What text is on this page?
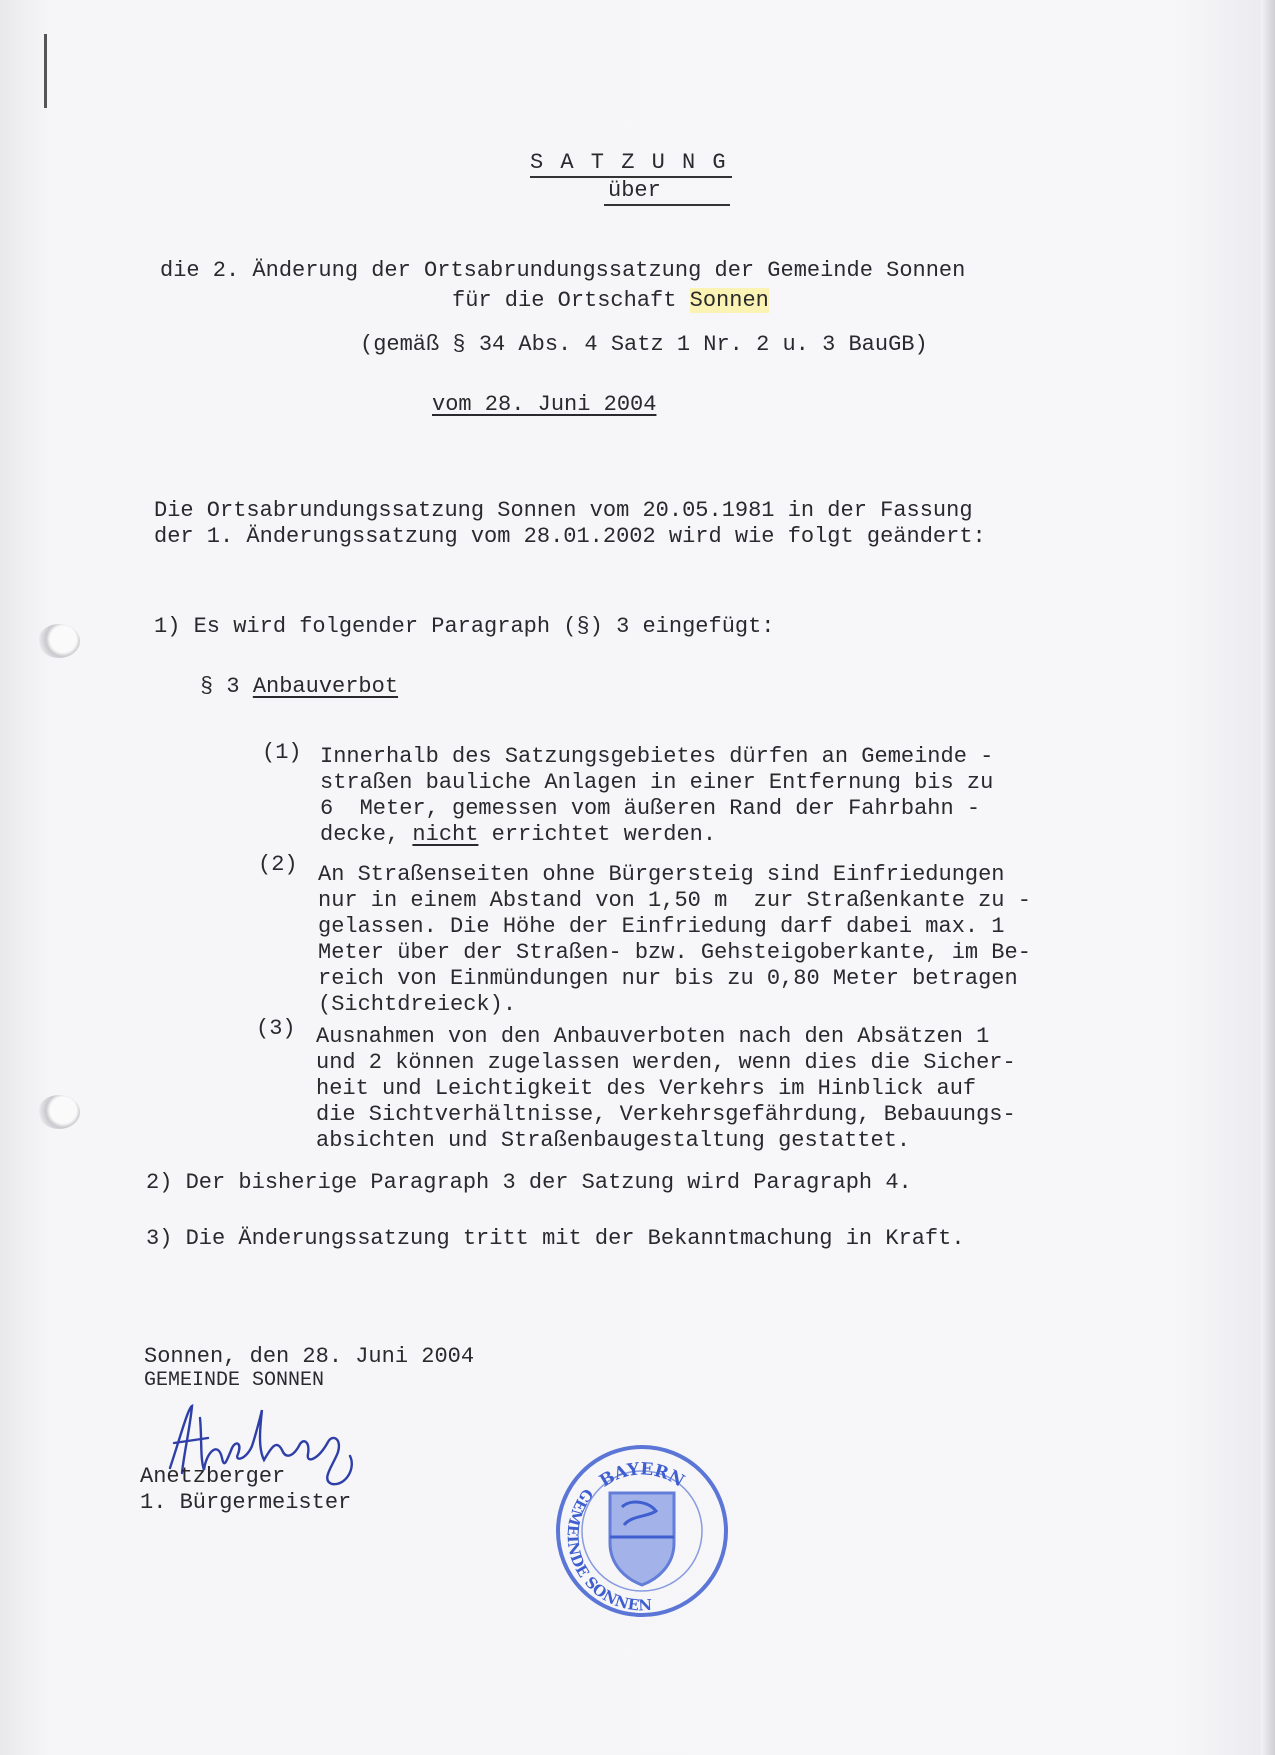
S A T Z U N G
über
die 2. Änderung der Ortsabrundungssatzung der Gemeinde Sonnen
für die Ortschaft Sonnen
(gemäß § 34 Abs. 4 Satz 1 Nr. 2 u. 3 BauGB)
vom 28. Juni 2004
Die Ortsabrundungssatzung Sonnen vom 20.05.1981 in der Fassung
der 1. Änderungssatzung vom 28.01.2002 wird wie folgt geändert:
1) Es wird folgender Paragraph (§) 3 eingefügt:
§ 3 Anbauverbot
(1) Innerhalb des Satzungsgebietes dürfen an Gemeinde -
straßen bauliche Anlagen in einer Entfernung bis zu
6  Meter, gemessen vom äußeren Rand der Fahrbahn -
decke, nicht errichtet werden.
(2) An Straßenseiten ohne Bürgersteig sind Einfriedungen
nur in einem Abstand von 1,50 m  zur Straßenkante zu -
gelassen. Die Höhe der Einfriedung darf dabei max. 1
Meter über der Straßen- bzw. Gehsteigoberkante, im Be-
reich von Einmündungen nur bis zu 0,80 Meter betragen
(Sichtdreieck).
(3) Ausnahmen von den Anbauverboten nach den Absätzen 1
und 2 können zugelassen werden, wenn dies die Sicher-
heit und Leichtigkeit des Verkehrs im Hinblick auf
die Sichtverhältnisse, Verkehrsgefährdung, Bebauungs-
absichten und Straßenbaugestaltung gestattet.
2) Der bisherige Paragraph 3 der Satzung wird Paragraph 4.
3) Die Änderungssatzung tritt mit der Bekanntmachung in Kraft.
Sonnen, den 28. Juni 2004
GEMEINDE SONNEN
Anetzberger
1. Bürgermeister
BAYERN
GEMEINDE SONNEN
